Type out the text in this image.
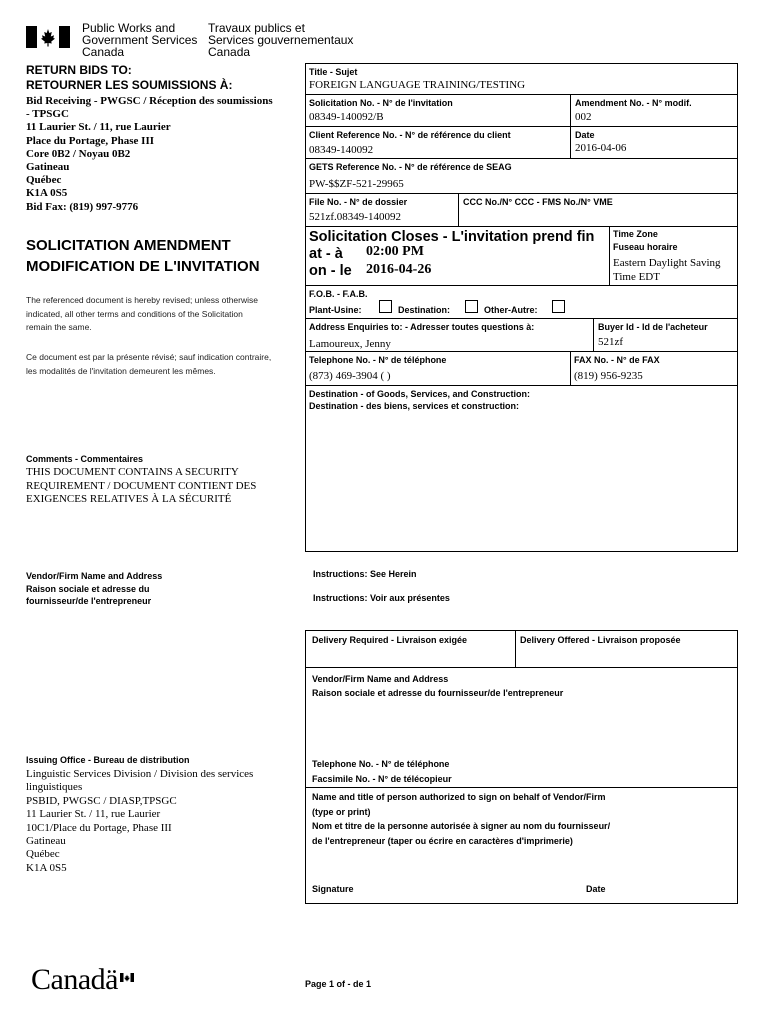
Public Works and
Government Services
Canada
Travaux publics et
Services gouvernementaux
Canada
RETURN BIDS TO:
RETOURNER LES SOUMISSIONS À:
Bid Receiving - PWGSC / Réception des soumissions
- TPSGC
11 Laurier St. / 11, rue Laurier
Place du Portage, Phase III
Core 0B2 / Noyau 0B2
Gatineau
Québec
K1A 0S5
Bid Fax: (819) 997-9776
SOLICITATION AMENDMENT
MODIFICATION DE L'INVITATION
The referenced document is hereby revised; unless otherwise
indicated, all other terms and conditions of the Solicitation
remain the same.
Ce document est par la présente révisé; sauf indication contraire,
les modalités de l'invitation demeurent les mêmes.
Comments - Commentaires
THIS DOCUMENT CONTAINS A SECURITY
REQUIREMENT / DOCUMENT CONTIENT DES
EXIGENCES RELATIVES À LA SÉCURITÉ
Vendor/Firm Name and Address
Raison sociale et adresse du
fournisseur/de l'entrepreneur
Issuing Office - Bureau de distribution
Linguistic Services Division / Division des services
linguistiques
PSBID, PWGSC / DIASP,TPSGC
11 Laurier St. / 11, rue Laurier
10C1/Place du Portage, Phase III
Gatineau
Québec
K1A 0S5
Title - Sujet
FOREIGN LANGUAGE TRAINING/TESTING
Solicitation No. - N° de l'invitation
08349-140092/B
Amendment No. - N° modif.
002
Client Reference No. - N° de référence du client
08349-140092
Date
2016-04-06
GETS Reference No. - N° de référence de SEAG
PW-$$ZF-521-29965
File No. - N° de dossier
521zf.08349-140092
CCC No./N° CCC - FMS No./N° VME
Solicitation Closes - L'invitation prend fin
at - à 02:00 PM
on - le 2016-04-26
Time Zone
Fuseau horaire
Eastern Daylight Saving
Time EDT
F.O.B. - F.A.B.
Plant-Usine:	Destination:	Other-Autre:
Address Enquiries to: - Adresser toutes questions à:
Lamoureux, Jenny
Buyer Id - Id de l'acheteur
521zf
Telephone No. - N° de téléphone
(873) 469-3904 ( )
FAX No. - N° de FAX
(819) 956-9235
Destination - of Goods, Services, and Construction:
Destination - des biens, services et construction:
Instructions: See Herein
Instructions: Voir aux présentes
Delivery Required - Livraison exigée	Delivery Offered - Livraison proposée
Vendor/Firm Name and Address
Raison sociale et adresse du fournisseur/de l'entrepreneur
Telephone No. - N° de téléphone
Facsimile No. - N° de télécopieur
Name and title of person authorized to sign on behalf of Vendor/Firm
(type or print)
Nom et titre de la personne autorisée à signer au nom du fournisseur/
de l'entrepreneur (taper ou écrire en caractères d'imprimerie)
Signature	Date
Canadä	Page 1 of - de 1
